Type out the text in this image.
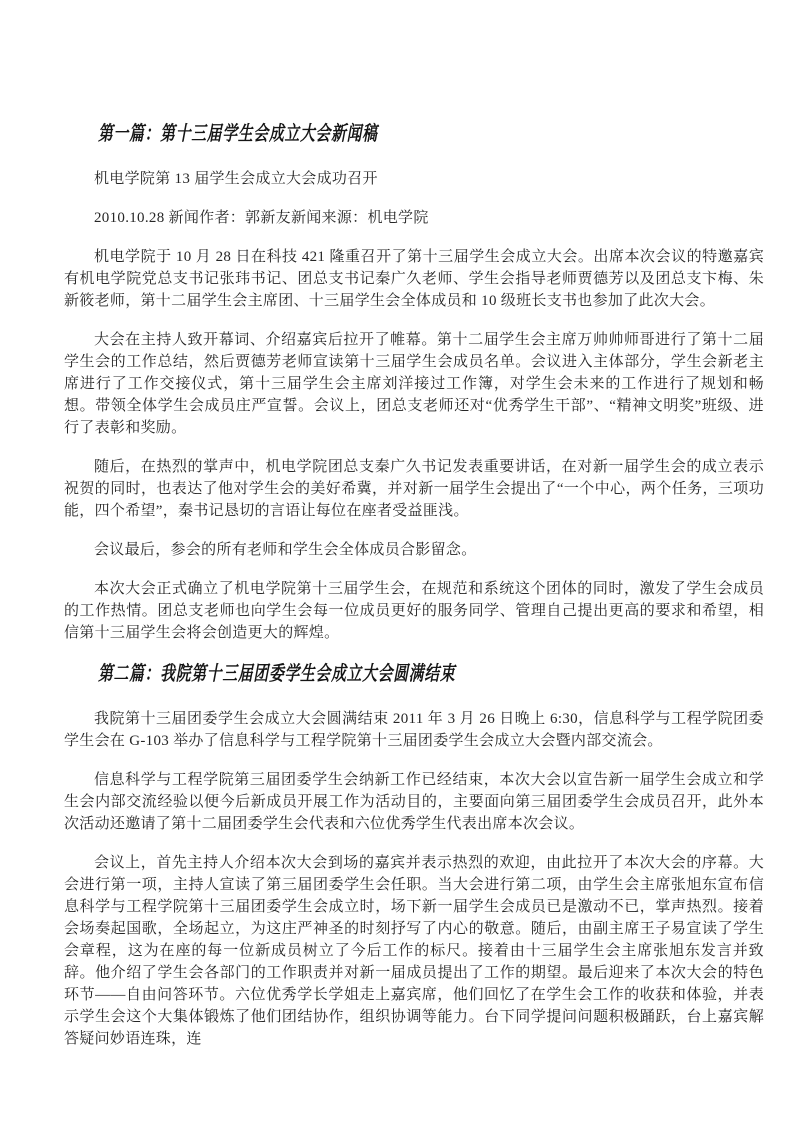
第一篇：第十三届学生会成立大会新闻稿

机电学院第 13 届学生会成立大会成功召开

2010.10.28 新闻作者：郭新友新闻来源：机电学院

机电学院于 10 月 28 日在科技 421 隆重召开了第十三届学生会成立大会。出席本次会议的特邀嘉宾有机电学院党总支书记张玮书记、团总支书记秦广久老师、学生会指导老师贾德芳以及团总支卞梅、朱新筱老师，第十二届学生会主席团、十三届学生会全体成员和 10 级班长支书也参加了此次大会。

大会在主持人致开幕词、介绍嘉宾后拉开了帷幕。第十二届学生会主席万帅帅师哥进行了第十二届学生会的工作总结，然后贾德芳老师宣读第十三届学生会成员名单。会议进入主体部分，学生会新老主席进行了工作交接仪式，第十三届学生会主席刘洋接过工作簿，对学生会未来的工作进行了规划和畅想。带领全体学生会成员庄严宣誓。会议上，团总支老师还对“优秀学生干部”、“精神文明奖”班级、进行了表彰和奖励。

随后，在热烈的掌声中，机电学院团总支秦广久书记发表重要讲话，在对新一届学生会的成立表示祝贺的同时，也表达了他对学生会的美好希冀，并对新一届学生会提出了“一个中心，两个任务，三项功能，四个希望”，秦书记恳切的言语让每位在座者受益匪浅。

会议最后，参会的所有老师和学生会全体成员合影留念。

本次大会正式确立了机电学院第十三届学生会，在规范和系统这个团体的同时，激发了学生会成员的工作热情。团总支老师也向学生会每一位成员更好的服务同学、管理自己提出更高的要求和希望，相信第十三届学生会将会创造更大的辉煌。

第二篇：我院第十三届团委学生会成立大会圆满结束

我院第十三届团委学生会成立大会圆满结束 2011 年 3 月 26 日晚上 6:30，信息科学与工程学院团委学生会在 G-103 举办了信息科学与工程学院第十三届团委学生会成立大会暨内部交流会。

信息科学与工程学院第三届团委学生会纳新工作已经结束，本次大会以宣告新一届学生会成立和学生会内部交流经验以便今后新成员开展工作为活动目的，主要面向第三届团委学生会成员召开，此外本次活动还邀请了第十二届团委学生会代表和六位优秀学生代表出席本次会议。

会议上，首先主持人介绍本次大会到场的嘉宾并表示热烈的欢迎，由此拉开了本次大会的序幕。大会进行第一项，主持人宣读了第三届团委学生会任职。当大会进行第二项，由学生会主席张旭东宣布信息科学与工程学院第十三届团委学生会成立时，场下新一届学生会成员已是激动不已，掌声热烈。接着会场奏起国歌，全场起立，为这庄严神圣的时刻抒写了内心的敬意。随后，由副主席王子易宣读了学生会章程，这为在座的每一位新成员树立了今后工作的标尺。接着由十三届学生会主席张旭东发言并致辞。他介绍了学生会各部门的工作职责并对新一届成员提出了工作的期望。最后迎来了本次大会的特色环节——自由问答环节。六位优秀学长学姐走上嘉宾席，他们回忆了在学生会工作的收获和体验，并表示学生会这个大集体锻炼了他们团结协作，组织协调等能力。台下同学提问问题积极踊跃，台上嘉宾解答疑问妙语连珠，连
